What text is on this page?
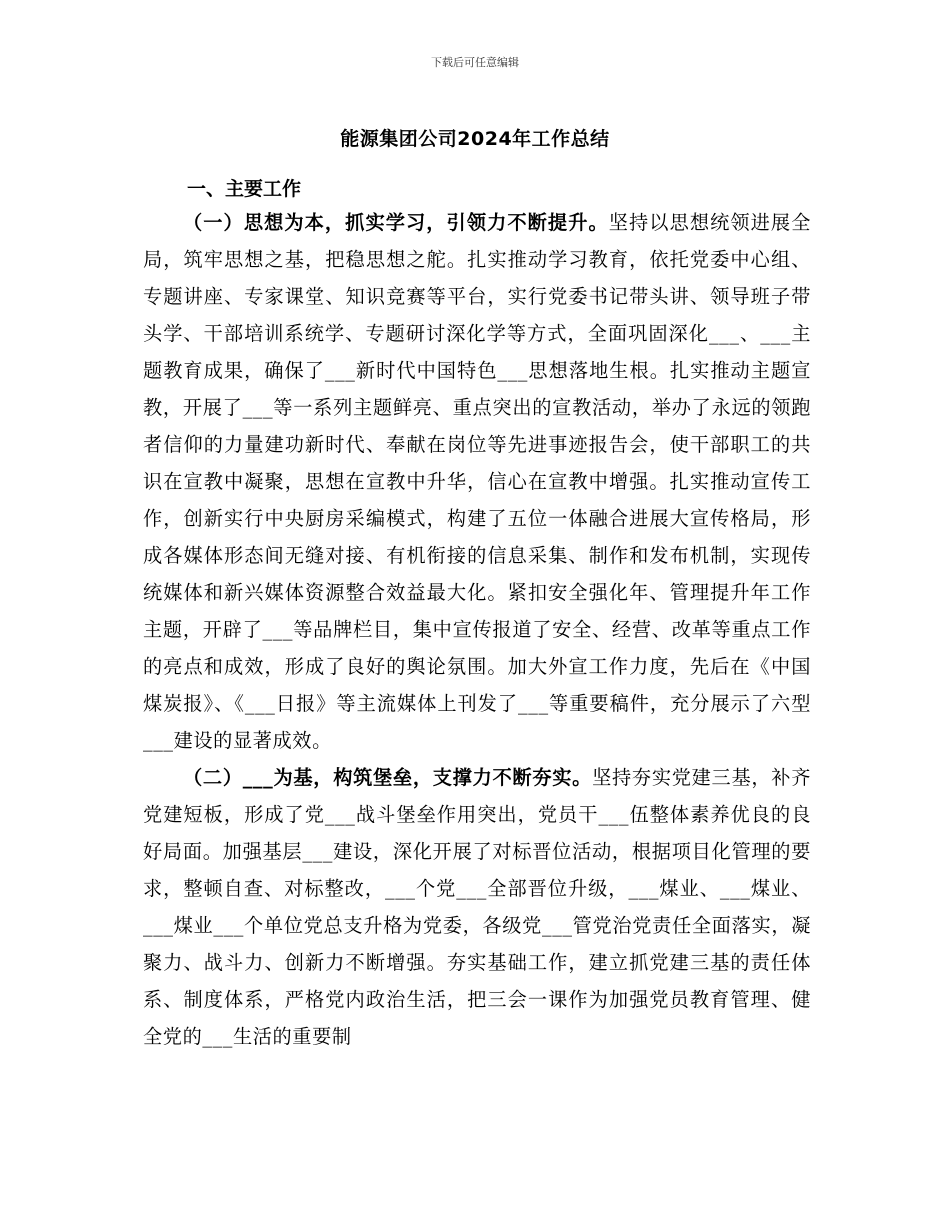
下载后可任意编辑
能源集团公司2024年工作总结
一、主要工作

（一）思想为本，抓实学习，引领力不断提升。坚持以思想统领进展全局，筑牢思想之基，把稳思想之舵。扎实推动学习教育，依托党委中心组、专题讲座、专家课堂、知识竞赛等平台，实行党委书记带头讲、领导班子带头学、干部培训系统学、专题研讨深化学等方式，全面巩固深化___、___主题教育成果，确保了___新时代中国特色___思想落地生根。扎实推动主题宣教，开展了___等一系列主题鲜亮、重点突出的宣教活动，举办了永远的领跑者信仰的力量建功新时代、奉献在岗位等先进事迹报告会，使干部职工的共识在宣教中凝聚，思想在宣教中升华，信心在宣教中增强。扎实推动宣传工作，创新实行中央厨房采编模式，构建了五位一体融合进展大宣传格局，形成各媒体形态间无缝对接、有机衔接的信息采集、制作和发布机制，实现传统媒体和新兴媒体资源整合效益最大化。紧扣安全强化年、管理提升年工作主题，开辟了___等品牌栏目，集中宣传报道了安全、经营、改革等重点工作的亮点和成效，形成了良好的舆论氛围。加大外宣工作力度，先后在《中国煤炭报》、《___日报》等主流媒体上刊发了___等重要稿件，充分展示了六型___建设的显著成效。

（二）___为基，构筑堡垒，支撑力不断夯实。坚持夯实党建三基，补齐党建短板，形成了党___战斗堡垒作用突出，党员干___伍整体素养优良的良好局面。加强基层___建设，深化开展了对标晋位活动，根据项目化管理的要求，整顿自查、对标整改，___个党___全部晋位升级，___煤业、___煤业、___煤业___个单位党总支升格为党委，各级党___管党治党责任全面落实，凝聚力、战斗力、创新力不断增强。夯实基础工作，建立抓党建三基的责任体系、制度体系，严格党内政治生活，把三会一课作为加强党员教育管理、健全党的___生活的重要制
